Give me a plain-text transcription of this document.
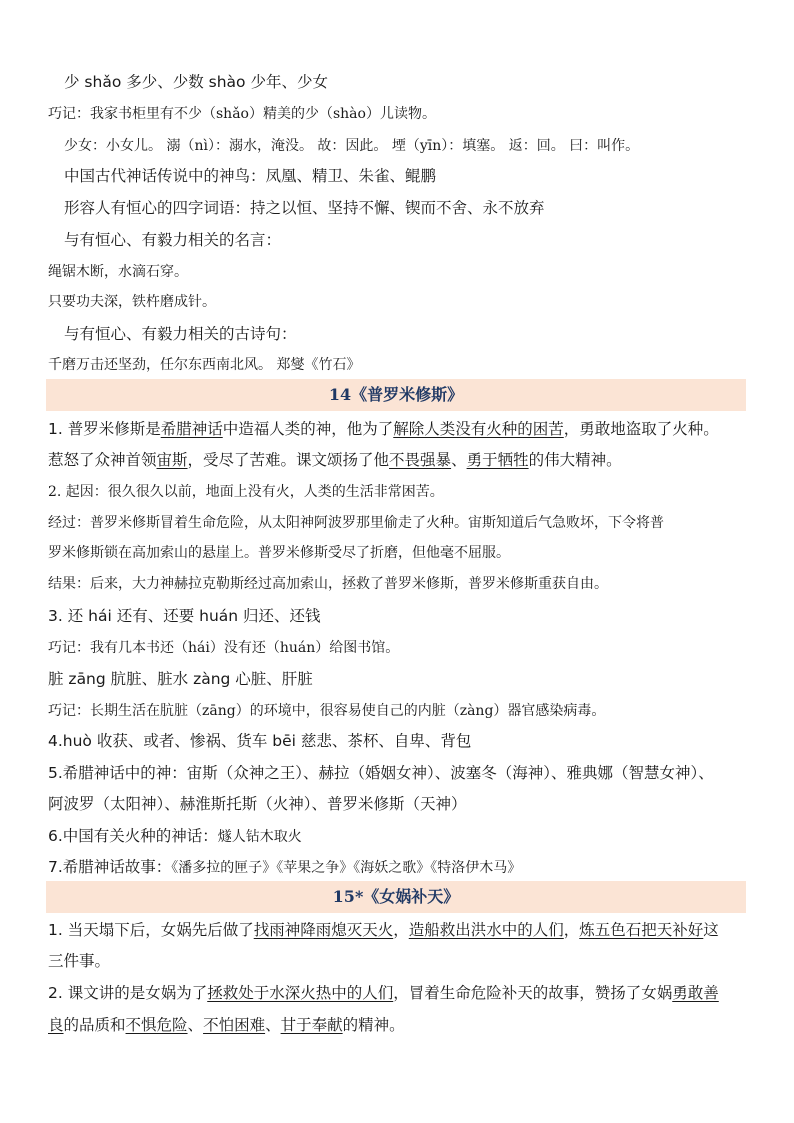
少 shǎo 多少、少数 shào 少年、少女
巧记：我家书柜里有不少（shǎo）精美的少（shào）儿读物。
少女：小女儿。 溺（nì）：溺水，淹没。 故：因此。 堙（yīn）：填塞。 返：回。 曰：叫作。
中国古代神话传说中的神鸟：凤凰、精卫、朱雀、鲲鹏
形容人有恒心的四字词语：持之以恒、坚持不懈、锲而不舍、永不放弃
与有恒心、有毅力相关的名言：
绳锯木断，水滴石穿。
只要功夫深，铁杵磨成针。
与有恒心、有毅力相关的古诗句：
千磨万击还坚劲，任尔东西南北风。 郑燮《竹石》
14《普罗米修斯》
1. 普罗米修斯是希腊神话中造福人类的神，他为了解除人类没有火种的困苦，勇敢地盗取了火种。
惹怒了众神首领宙斯，受尽了苦难。课文颂扬了他不畏强暴、勇于牺牲的伟大精神。
2. 起因：很久很久以前，地面上没有火，人类的生活非常困苦。
经过：普罗米修斯冒着生命危险，从太阳神阿波罗那里偷走了火种。宙斯知道后气急败坏，下令将普
罗米修斯锁在高加索山的悬崖上。普罗米修斯受尽了折磨，但他毫不屈服。
结果：后来，大力神赫拉克勒斯经过高加索山，拯救了普罗米修斯，普罗米修斯重获自由。
3. 还 hái 还有、还要 huán 归还、还钱
巧记：我有几本书还（hái）没有还（huán）给图书馆。
脏 zāng 肮脏、脏水 zàng 心脏、肝脏
巧记：长期生活在肮脏（zāng）的环境中，很容易使自己的内脏（zàng）器官感染病毒。
4.huò 收获、或者、惨祸、货车 bēi 慈悲、茶杯、自卑、背包
5.希腊神话中的神：宙斯（众神之王）、赫拉（婚姻女神）、波塞冬（海神）、雅典娜（智慧女神）、
阿波罗（太阳神）、赫淮斯托斯（火神）、普罗米修斯（天神）
6.中国有关火种的神话：燧人钻木取火
7.希腊神话故事：《潘多拉的匣子》《苹果之争》《海妖之歌》《特洛伊木马》
15*《女娲补天》
1. 当天塌下后，女娲先后做了找雨神降雨熄灭天火，造船救出洪水中的人们，炼五色石把天补好这
三件事。
2. 课文讲的是女娲为了拯救处于水深火热中的人们，冒着生命危险补天的故事，赞扬了女娲勇敢善
良的品质和不惧危险、不怕困难、甘于奉献的精神。
